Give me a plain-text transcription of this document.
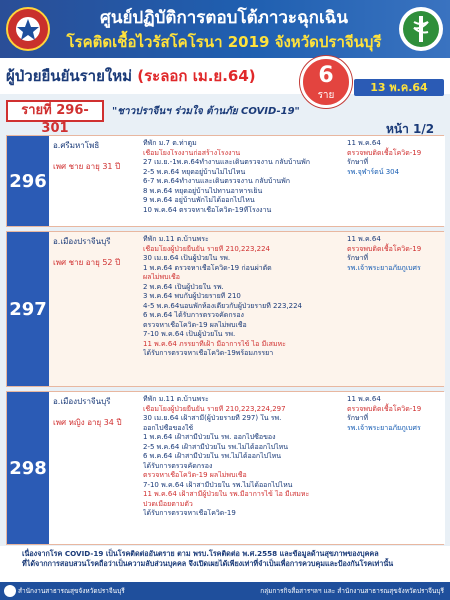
ศูนย์ปฏิบัติการตอบโต้ภาวะฉุกเฉิน
โรคติดเชื้อไวรัสโคโรนา 2019 จังหวัดปราจีนบุรี
ผู้ป่วยยืนยันรายใหม่ (ระลอก เม.ย.64)	6
ราย
13 พ.ค.64
รายที่ 296-301
"ชาวปราจีนฯ ร่วมใจ ต้านภัย COVID-19"
หน้า 1/2
296
อ.ศรีมหาโพธิ
เพศ ชาย อายุ 31 ปี
ที่พัก ม.7 ต.ท่าตูม
เชื่อมโยงโรงงานก่อสร้างโรงงาน
27 เม.ย.-1พ.ค.64ทำงานและเดินตรวจงาน กลับบ้านพัก
2-5 พ.ค.64 หยุดอยู่บ้านไม่ไปไหน
6-7 พ.ค.64ทำงานและเดินตรวจงาน กลับบ้านพัก
8 พ.ค.64 หยุดอยู่บ้านไปทานอาหารเย็น
9 พ.ค.64 อยู่บ้านพักไม่ได้ออกไปไหน
10 พ.ค.64 ตรวจหาเชื้อโควิด-19ที่โรงงาน
11 พ.ค.64
ตรวจพบติดเชื้อโควิด-19
รักษาที่
รพ.จุฬาร์ตน์ 304
297
อ.เมืองปราจีนบุรี
เพศ ชาย อายุ 52 ปี
ที่พัก ม.11 ต.บ้านพระ
เชื่อมโยงผู้ป่วยยืนยัน รายที่ 210,223,224
30 เม.ย.64 เป็นผู้ป่วยใน รพ.
1 พ.ค.64 ตรวจหาเชื้อโควิด-19 ก่อนผ่าตัด
ผลไม่พบเชื้อ
2 พ.ค.64 เป็นผู้ป่วยใน รพ.
3 พ.ค.64 พบกับผู้ป่วยรายที่ 210
4-5 พ.ค.64นอนพักห้องเดียวกับผู้ป่วยรายที่ 223,224
6 พ.ค.64 ได้รับการตรวจคัดกรอง
ตรวจหาเชื้อโควิด-19 ผลไม่พบเชื้อ
7-10 พ.ค.64 เป็นผู้ป่วยใน รพ.
11 พ.ค.64 ภรรยาที่เฝ้า มีอาการไข้ ไอ มีเสมหะ
ได้รับการตรวจหาเชื้อโควิด-19พร้อมภรรยา
11 พ.ค.64
ตรวจพบติดเชื้อโควิด-19
รักษาที่
รพ.เจ้าพระยาอภัยภูเบศร
298
อ.เมืองปราจีนบุรี
เพศ หญิง อายุ 34 ปี
ที่พัก ม.11 ต.บ้านพระ
เชื่อมโยงผู้ป่วยยืนยัน รายที่ 210,223,224,297
30 เม.ย.64 เฝ้าสามี(ผู้ป่วยรายที่ 297) ใน รพ.
ออกไปซื้อของใช้
1 พ.ค.64 เฝ้าสามีป่วยใน รพ. ออกไปซื้อของ
2-5 พ.ค.64 เฝ้าสามีป่วยใน รพ.ไม่ได้ออกไปไหน
6 พ.ค.64 เฝ้าสามีป่วยใน รพ.ไม่ได้ออกไปไหน
ได้รับการตรวจคัดกรอง
ตรวจหาเชื้อโควิด-19 ผลไม่พบเชื้อ
7-10 พ.ค.64 เฝ้าสามีป่วยใน รพ.ไม่ได้ออกไปไหน
11 พ.ค.64 เฝ้าสามีผู้ป่วยใน รพ.มีอาการไข้ ไอ มีเสมหะ
ปวดเมื่อยตามตัว
ได้รับการตรวจหาเชื้อโควิด-19
11 พ.ค.64
ตรวจพบติดเชื้อโควิด-19
รักษาที่
รพ.เจ้าพระยาอภัยภูเบศร
เนื่องจากโรค COVID-19 เป็นโรคติดต่ออันตราย ตาม พรบ.โรคติดต่อ พ.ศ.2558 และข้อมูลด้านสุขภาพของบุคคล
ที่ได้จากการสอบสวนโรคถือว่าเป็นความลับส่วนบุคคล จึงเปิดเผยได้เพียงเท่าที่จำเป็นเพื่อการควบคุมและป้องกันโรคเท่านั้น
สำนักงานสาธารณสุขจังหวัดปราจีนบุรี	กลุ่มการกิจสื่อสารฯลฯ และ สำนักงานสาธารณสุขจังหวัดปราจีนบุรี
